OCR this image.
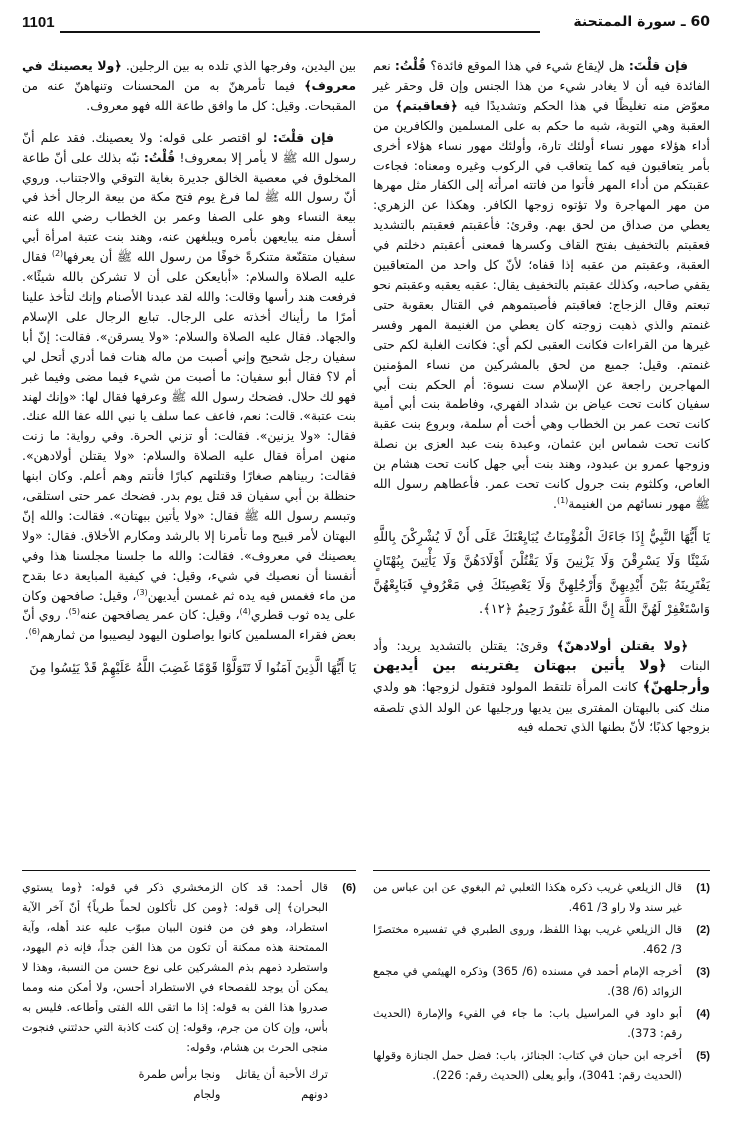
1101	60 ـ سورة الممتحنة

فإن قلْتَ: هل لإيقاع شيء في هذا الموقع فائدة؟ قُلْتُ: نعم الفائدة فيه أن لا يغادر شيء من هذا الجنس وإن قل وحقر غير معوّض منه تغليظًا في هذا الحكم وتشديدًا فيه ﴿فعاقبتم﴾ من العقبة وهي التوبة، شبه ما حكم به على المسلمين والكافرين من أداء هؤلاء مهور نساء أولئك تارة، وأولئك مهور نساء هؤلاء أخرى بأمر يتعاقبون فيه كما يتعاقب في الركوب وغيره ومعناه: فجاءت عقبتكم من أداء المهر فأتوا من فاتته امرأته إلى الكفار مثل مهرها من مهر المهاجرة ولا تؤتوه زوجها الكافر. وهكذا عن الزهري: يعطي من صداق من لحق بهم. وقرئ: فأعقبتم فعقبتم بالتشديد فعقبتم بالتخفيف بفتح القاف وكسرها فمعنى أعقبتم دخلتم في العقبة، وعقبتم من عقبه إذا قفاه؛ لأنّ كل واحد من المتعاقبين يقفي صاحبه، وكذلك عقبتم بالتخفيف يقال: عقبه يعقبه وعقبتم نحو تبعتم وقال الزجاج: فعاقبتم فأصبتموهم في القتال بعقوبة حتى غنمتم والذي ذهبت زوجته كان يعطي من الغنيمة المهر وفسر غيرها من القراءات فكانت العقبى لكم أي: فكانت الغلبة لكم حتى غنمتم. وقيل: جميع من لحق بالمشركين من نساء المؤمنين المهاجرين راجعة عن الإسلام ست نسوة: أم الحكم بنت أبي سفيان كانت تحت عياض بن شداد الفهري، وفاطمة بنت أبي أمية كانت تحت عمر بن الخطاب وهي أخت أم سلمة، وبروع بنت عقبة كانت تحت شماس ابن عثمان، وعبدة بنت عبد العزى بن نصلة وزوجها عمرو بن عبدود، وهند بنت أبي جهل كانت تحت هشام بن العاص، وكلثوم بنت جرول كانت تحت عمر. فأعطاهم رسول الله ﷺ مهور نسائهم من الغنيمة$^{(1)}$.

يَا أَيُّهَا النَّبِيُّ إِذَا جَاءَكَ الْمُؤْمِنَاتُ يُبَايِعْنَكَ عَلَى أَنْ لَا يُشْرِكْنَ بِاللَّهِ شَيْئًا وَلَا يَسْرِقْنَ وَلَا يَزْنِينَ وَلَا يَقْتُلْنَ أَوْلَادَهُنَّ وَلَا يَأْتِينَ بِبُهْتَانٍ يَفْتَرِينَهُ بَيْنَ أَيْدِيهِنَّ وَأَرْجُلِهِنَّ وَلَا يَعْصِينَكَ فِي مَعْرُوفٍ فَبَايِعْهُنَّ وَاسْتَغْفِرْ لَهُنَّ اللَّهَ إِنَّ اللَّهَ غَفُورٌ رَحِيمٌ ﴿١٢﴾.

﴿ولا يقتلن أولادهنّ﴾ وقرئ: يقتلن بالتشديد يريد: وأد البنات ﴿ولا يأتين ببهتان يفترينه بين أيديهن وأرجلهنّ﴾ كانت المرأة تلتقط المولود فتقول لزوجها: هو ولدي منك كنى بالبهتان المفترى بين يديها ورجليها عن الولد الذي تلصقه بزوجها كذبًا؛ لأنّ بطنها الذي تحمله فيه

بين اليدين، وفرجها الذي تلده به بين الرجلين. ﴿ولا يعصينك في معروف﴾ فيما تأمرهنّ به من المحسنات وتنهاهنّ عنه من المقبحات. وقيل: كل ما وافق طاعة الله فهو معروف.

فإن قلْتَ: لو اقتصر على قوله: ولا يعصينك. فقد علم أنّ رسول الله ﷺ لا يأمر إلا بمعروف! قُلْتُ: نبّه بذلك على أنّ طاعة المخلوق في معصية الخالق جديرة بغاية التوقي والاجتناب. وروي أنّ رسول الله ﷺ لما فرغ يوم فتح مكة من بيعة الرجال أخذ في بيعة النساء وهو على الصفا وعمر بن الخطاب رضي الله عنه أسفل منه يبايعهن بأمره ويبلغهن عنه، وهند بنت عتبة امرأة أبي سفيان متقنّعة متنكرةً خوفًا من رسول الله ﷺ أن يعرفها$^{(2)}$ فقال عليه الصلاة والسلام: «أبايعكن على أن لا تشركن بالله شيئًا». فرفعت هند رأسها وقالت: والله لقد عبدنا الأصنام وإنك لتأخذ علينا أمرًا ما رأيناك أخذته على الرجال. تبايع الرجال على الإسلام والجهاد. فقال عليه الصلاة والسلام: «ولا يسرقن». فقالت: إنّ أبا سفيان رجل شحيح وإني أصبت من ماله هنات فما أدري أتحل لي أم لا؟ فقال أبو سفيان: ما أصبت من شيء فيما مضى وفيما غبر فهو لك حلال. فضحك رسول الله ﷺ وعرفها فقال لها: «وإنك لهند بنت عتبة». قالت: نعم، فاعف عما سلف يا نبي الله عفا الله عنك. فقال: «ولا يزنين». فقالت: أو تزني الحرة. وفي رواية: ما زنت منهن امرأة فقال عليه الصلاة والسلام: «ولا يقتلن أولادهن». فقالت: ربيناهم صغارًا وقتلتهم كبارًا فأنتم وهم أعلم. وكان ابنها حنظلة بن أبي سفيان قد قتل يوم بدر. فضحك عمر حتى استلقى، وتبسم رسول الله ﷺ فقال: «ولا يأتين ببهتان». فقالت: والله إنّ البهتان لأمر قبيح وما تأمرنا إلا بالرشد ومكارم الأخلاق. فقال: «ولا يعصينك في معروف». فقالت: والله ما جلسنا مجلسنا هذا وفي أنفسنا أن نعصيك في شيء، وقيل: في كيفية المبايعة دعا بقدح من ماء فغمس فيه يده ثم غمسن أيديهن$^{(3)}$، وقيل: صافحهن وكان على يده ثوب قطري$^{(4)}$، وقيل: كان عمر يصافحهن عنه$^{(5)}$. روي أنّ بعض فقراء المسلمين كانوا يواصلون اليهود ليصيبوا من ثمارهم$^{(6)}$.

يَا أَيُّهَا الَّذِينَ آمَنُوا لَا تَتَوَلَّوْا قَوْمًا غَضِبَ اللَّهُ عَلَيْهِمْ قَدْ يَئِسُوا مِنَ
(1)
قال الزيلعي غريب ذكره هكذا الثعلبي ثم البغوي عن ابن عباس من غير سند ولا راو 3/ 461.
(2)
قال الزيلعي غريب بهذا اللفظ، وروى الطبري في تفسيره مختصرًا 3/ 462.
(3)
أخرجه الإمام أحمد في مسنده (6/ 365) وذكره الهيثمي في مجمع الزوائد (6/ 38).
(4)
أبو داود في المراسيل باب: ما جاء في الفيء والإمارة (الحديث رقم: 373).
(5)
أخرجه ابن حبان في كتاب: الجنائز، باب: فضل حمل الجنازة وقولها (الحديث رقم: 3041)، وأبو يعلى (الحديث رقم: 226).
(6)
قال أحمد: قد كان الزمخشري ذكر في قوله: ﴿وما يستوي البحران﴾ إلى قوله: ﴿ومن كل تأكلون لحماً طرياً﴾ أنّ آخر الآية استطراد، وهو فن من فنون البيان مبوّب عليه عند أهله، وآية الممتحنة هذه ممكنة أن تكون من هذا الفن جداً، فإنه ذم اليهود، واستطرد ذمهم بذم المشركين على نوع حسن من النسبة، وهذا لا يمكن أن يوجد للفصحاء في الاستطراد أحسن، ولا أمكن منه ومما صدروا هذا الفن به قوله: إذا ما اتقى الله الفتى وأطاعه. فليس به بأس، وإن كان من جرم، وقوله: إن كنت كاذبة التي حدثتني فنجوت منجى الحرث بن هشام، وقوله:
ترك الأحبة أن يقاتل دونهم
ونجا برأس طمرة ولجام
